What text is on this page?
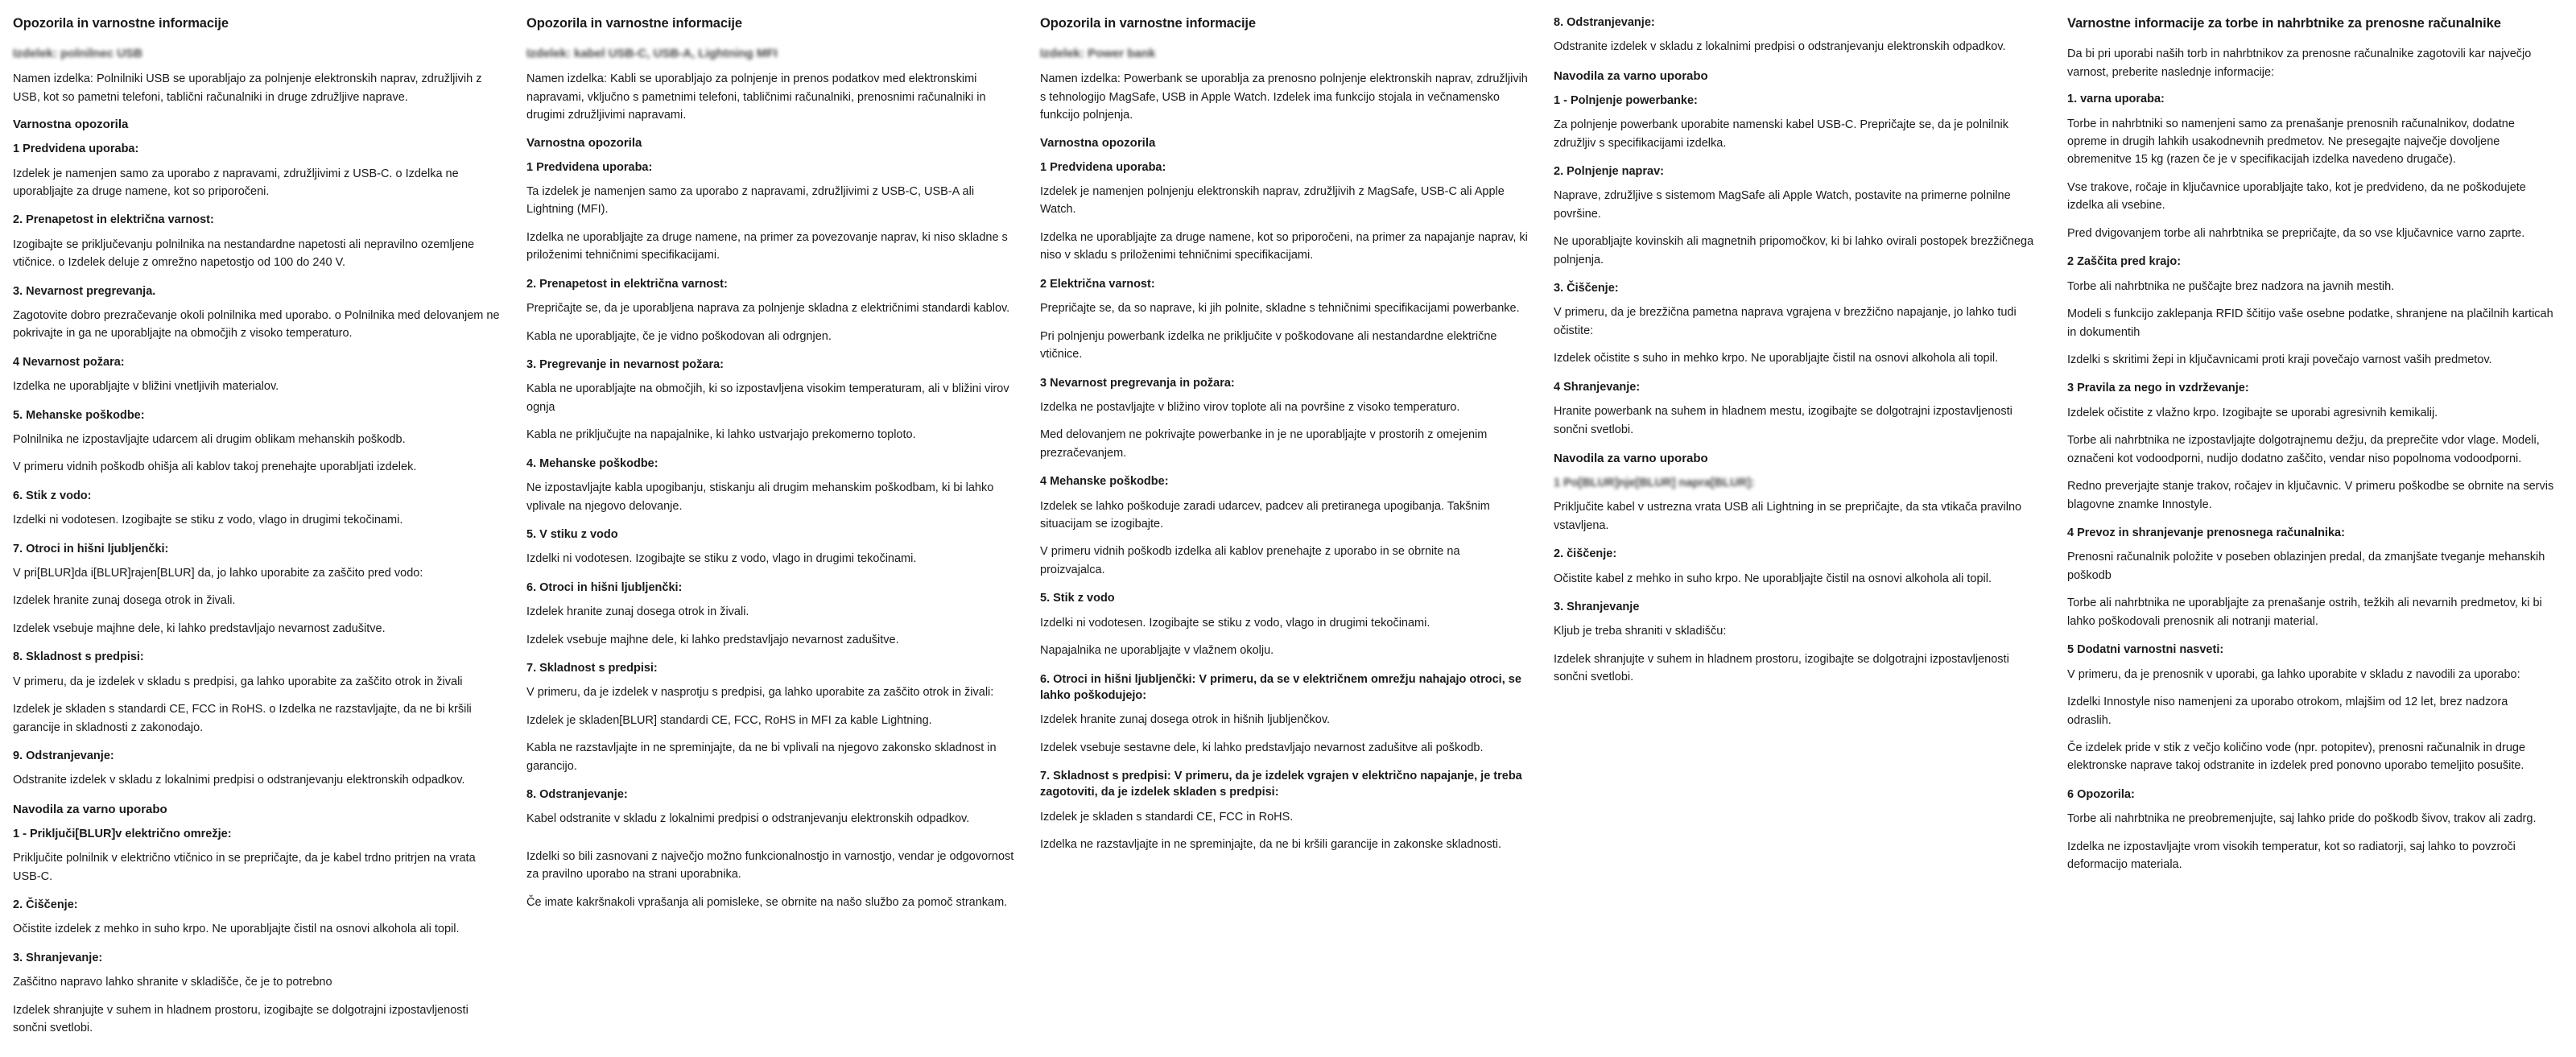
Opozorila in varnostne informacije
Izdelek: polnilnec USB

Namen izdelka: Polnilniki USB se uporabljajo za polnjenje elektronskih naprav, združljivih z USB, kot so pametni telefoni, tablični računalniki in druge združljive naprave.

Varnostna opozorila
1 Predvidena uporaba:

Izdelek je namenjen samo za uporabo z napravami, združljivimi z USB-C. o Izdelka ne uporabljajte za druge namene, kot so priporočeni.

2. Prenapetost in električna varnost:

Izogibajte se priključevanju polnilnika na nestandardne napetosti ali nepravilno ozemljene vtičnice. o Izdelek deluje z omrežno napetostjo od 100 do 240 V.

3. Nevarnost pregrevanja.

Zagotovite dobro prezračevanje okoli polnilnika med uporabo. o Polnilnika med delovanjem ne pokrivajte in ga ne uporabljajte na območjih z visoko temperaturo.

4 Nevarnost požara:

Izdelka ne uporabljajte v bližini vnetljivih materialov.

5. Mehanske poškodbe:

Polnilnika ne izpostavljajte udarcem ali drugim oblikam mehanskih poškodb.

V primeru vidnih poškodb ohišja ali kablov takoj prenehajte uporabljati izdelek.

6. Stik z vodo:

Izdelki ni vodotesen. Izogibajte se stiku z vodo, vlago in drugimi tekočinami.

7. Otroci in hišni ljubljenčki:

V pri[BLUR]da i[BLUR]rajen[BLUR] da, jo lahko uporabite za zaščito pred vodo:

Izdelek hranite zunaj dosega otrok in živali.

Izdelek vsebuje majhne dele, ki lahko predstavljajo nevarnost zadušitve.

8. Skladnost s predpisi:

V primeru, da je izdelek v skladu s predpisi, ga lahko uporabite za zaščito otrok in živali

Izdelek je skladen s standardi CE, FCC in RoHS. o Izdelka ne razstavljajte, da ne bi kršili garancije in skladnosti z zakonodajo.

9. Odstranjevanje:

Odstranite izdelek v skladu z lokalnimi predpisi o odstranjevanju elektronskih odpadkov.

Navodila za varno uporabo
1 - Priključi[BLUR]v električno omrežje:

Priključite polnilnik v električno vtičnico in se prepričajte, da je kabel trdno pritrjen na vrata USB-C.

2. Čiščenje:

Očistite izdelek z mehko in suho krpo. Ne uporabljajte čistil na osnovi alkohola ali topil.

3. Shranjevanje:

Zaščitno napravo lahko shranite v skladišče, če je to potrebno

Izdelek shranjujte v suhem in hladnem prostoru, izogibajte se dolgotrajni izpostavljenosti sončni svetlobi.

Opozorila in varnostne informacije
Izdelek: kabel USB-C, USB-A, Lightning MFI

Namen izdelka: Kabli se uporabljajo za polnjenje in prenos podatkov med elektronskimi napravami, vključno s pametnimi telefoni, tabličnimi računalniki, prenosnimi računalniki in drugimi združljivimi napravami.

Varnostna opozorila
1 Predvidena uporaba:

Ta izdelek je namenjen samo za uporabo z napravami, združljivimi z USB-C, USB-A ali Lightning (MFI).

Izdelka ne uporabljajte za druge namene, na primer za povezovanje naprav, ki niso skladne s priloženimi tehničnimi specifikacijami.

2. Prenapetost in električna varnost:

Prepričajte se, da je uporabljena naprava za polnjenje skladna z električnimi standardi kablov.

Kabla ne uporabljajte, če je vidno poškodovan ali odrgnjen.

3. Pregrevanje in nevarnost požara:

Kabla ne uporabljajte na območjih, ki so izpostavljena visokim temperaturam, ali v bližini virov ognja

Kabla ne priključujte na napajalnike, ki lahko ustvarjajo prekomerno toploto.

4. Mehanske poškodbe:

Ne izpostavljajte kabla upogibanju, stiskanju ali drugim mehanskim poškodbam, ki bi lahko vplivale na njegovo delovanje.

5. V stiku z vodo

Izdelki ni vodotesen. Izogibajte se stiku z vodo, vlago in drugimi tekočinami.

6. Otroci in hišni ljubljenčki:

Izdelek hranite zunaj dosega otrok in živali.

Izdelek vsebuje majhne dele, ki lahko predstavljajo nevarnost zadušitve.

7. Skladnost s predpisi:

V primeru, da je izdelek v nasprotju s predpisi, ga lahko uporabite za zaščito otrok in živali:

Izdelek je skladen[BLUR] standardi CE, FCC, RoHS in MFI za kable Lightning.

Kabla ne razstavljajte in ne spreminjajte, da ne bi vplivali na njegovo zakonsko skladnost in garancijo.

8. Odstranjevanje:

Kabel odstranite v skladu z lokalnimi predpisi o odstranjevanju elektronskih odpadkov.

Izdelki so bili zasnovani z največjo možno funkcionalnostjo in varnostjo, vendar je odgovornost za pravilno uporabo na strani uporabnika.

Če imate kakršnakoli vprašanja ali pomisleke, se obrnite na našo službo za pomoč strankam.

Opozorila in varnostne informacije
Izdelek: Power bank

Namen izdelka: Powerbank se uporablja za prenosno polnjenje elektronskih naprav, združljivih s tehnologijo MagSafe, USB in Apple Watch. Izdelek ima funkcijo stojala in večnamensko funkcijo polnjenja.

Varnostna opozorila
1 Predvidena uporaba:

Izdelek je namenjen polnjenju elektronskih naprav, združljivih z MagSafe, USB-C ali Apple Watch.

Izdelka ne uporabljajte za druge namene, kot so priporočeni, na primer za napajanje naprav, ki niso v skladu s priloženimi tehničnimi specifikacijami.

2 Električna varnost:

Prepričajte se, da so naprave, ki jih polnite, skladne s tehničnimi specifikacijami powerbanke.

Pri polnjenju powerbank izdelka ne priključite v poškodovane ali nestandardne električne vtičnice.

3 Nevarnost pregrevanja in požara:

Izdelka ne postavljajte v bližino virov toplote ali na površine z visoko temperaturo.

Med delovanjem ne pokrivajte powerbanke in je ne uporabljajte v prostorih z omejenim prezračevanjem.

4 Mehanske poškodbe:

Izdelek se lahko poškoduje zaradi udarcev, padcev ali pretiranega upogibanja. Takšnim situacijam se izogibajte.

V primeru vidnih poškodb izdelka ali kablov prenehajte z uporabo in se obrnite na proizvajalca.

5. Stik z vodo

Izdelki ni vodotesen. Izogibajte se stiku z vodo, vlago in drugimi tekočinami.

Napajalnika ne uporabljajte v vlažnem okolju.

6. Otroci in hišni ljubljenčki: V primeru, da se v električnem omrežju nahajajo otroci, se lahko poškodujejo:

Izdelek hranite zunaj dosega otrok in hišnih ljubljenčkov.

Izdelek vsebuje sestavne dele, ki lahko predstavljajo nevarnost zadušitve ali poškodb.

7. Skladnost s predpisi: V primeru, da je izdelek vgrajen v električno napajanje, je treba zagotoviti, da je izdelek skladen s predpisi:

Izdelek je skladen s standardi CE, FCC in RoHS.

Izdelka ne razstavljajte in ne spreminjajte, da ne bi kršili garancije in zakonske skladnosti.

8. Odstranjevanje:

Odstranite izdelek v skladu z lokalnimi predpisi o odstranjevanju elektronskih odpadkov.

Navodila za varno uporabo
1 - Polnjenje powerbanke:

Za polnjenje powerbank uporabite namenski kabel USB-C. Prepričajte se, da je polnilnik združljiv s specifikacijami izdelka.

2. Polnjenje naprav:

Naprave, združljive s sistemom MagSafe ali Apple Watch, postavite na primerne polnilne površine.

Ne uporabljajte kovinskih ali magnetnih pripomočkov, ki bi lahko ovirali postopek brezžičnega polnjenja.

3. Čiščenje:

V primeru, da je brezžična pametna naprava vgrajena v brezžično napajanje, jo lahko tudi očistite:

Izdelek očistite s suho in mehko krpo. Ne uporabljajte čistil na osnovi alkohola ali topil.

4 Shranjevanje:

Hranite powerbank na suhem in hladnem mestu, izogibajte se dolgotrajni izpostavljenosti sončni svetlobi.

Navodila za varno uporabo
1 Po[BLUR]nje[BLUR] napra[BLUR]:

Priključite kabel v ustrezna vrata USB ali Lightning in se prepričajte, da sta vtikača pravilno vstavljena.

2. čiščenje:

Očistite kabel z mehko in suho krpo. Ne uporabljajte čistil na osnovi alkohola ali topil.

3. Shranjevanje

Kljub je treba shraniti v skladišču:

Izdelek shranjujte v suhem in hladnem prostoru, izogibajte se dolgotrajni izpostavljenosti sončni svetlobi.

Varnostne informacije za torbe in nahrbtnike za prenosne računalnike

Da bi pri uporabi naših torb in nahrbtnikov za prenosne računalnike zagotovili kar največjo varnost, preberite naslednje informacije:

1. varna uporaba:

Torbe in nahrbtniki so namenjeni samo za prenašanje prenosnih računalnikov, dodatne opreme in drugih lahkih usakodnevnih predmetov. Ne presegajte največje dovoljene obremenitve 15 kg (razen če je v specifikacijah izdelka navedeno drugače).

Vse trakove, ročaje in ključavnice uporabljajte tako, kot je predvideno, da ne poškodujete izdelka ali vsebine.

Pred dvigovanjem torbe ali nahrbtnika se prepričajte, da so vse ključavnice varno zaprte.

2 Zaščita pred krajo:

Torbe ali nahrbtnika ne puščajte brez nadzora na javnih mestih.

Modeli s funkcijo zaklepanja RFID ščitijo vaše osebne podatke, shranjene na plačilnih karticah in dokumentih

Izdelki s skritimi žepi in ključavnicami proti kraji povečajo varnost vaših predmetov.

3 Pravila za nego in vzdrževanje:

Izdelek očistite z vlažno krpo. Izogibajte se uporabi agresivnih kemikalij.

Torbe ali nahrbtnika ne izpostavljajte dolgotrajnemu dežju, da preprečite vdor vlage. Modeli, označeni kot vodoodporni, nudijo dodatno zaščito, vendar niso popolnoma vodoodporni.

Redno preverjajte stanje trakov, ročajev in ključavnic. V primeru poškodbe se obrnite na servis blagovne znamke Innostyle.

4 Prevoz in shranjevanje prenosnega računalnika:

Prenosni računalnik položite v poseben oblazinjen predal, da zmanjšate tveganje mehanskih poškodb

Torbe ali nahrbtnika ne uporabljajte za prenašanje ostrih, težkih ali nevarnih predmetov, ki bi lahko poškodovali prenosnik ali notranji material.

5 Dodatni varnostni nasveti:

V primeru, da je prenosnik v uporabi, ga lahko uporabite v skladu z navodili za uporabo:

Izdelki Innostyle niso namenjeni za uporabo otrokom, mlajšim od 12 let, brez nadzora odraslih.

Če izdelek pride v stik z večjo količino vode (npr. potopitev), prenosni računalnik in druge elektronske naprave takoj odstranite in izdelek pred ponovno uporabo temeljito posušite.

6 Opozorila:

Torbe ali nahrbtnika ne preobremenjujte, saj lahko pride do poškodb šivov, trakov ali zadrg.

Izdelka ne izpostavljajte vrom visokih temperatur, kot so radiatorji, saj lahko to povzroči deformacijo materiala.
